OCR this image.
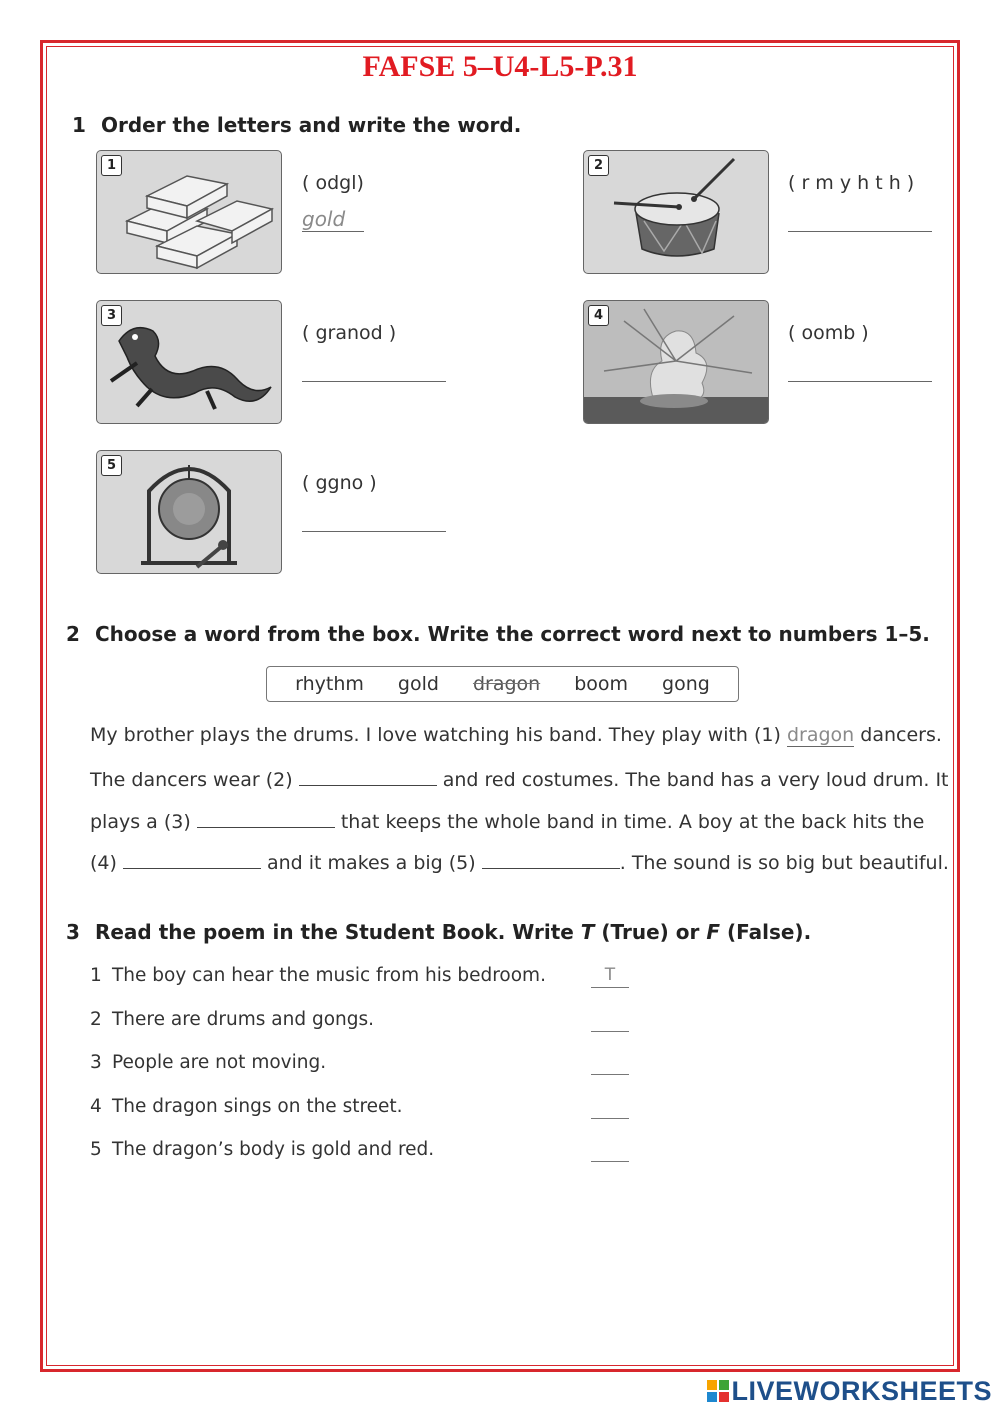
FAFSE 5–U4-L5-P.31
1 Order the letters and write the word.
1
( odgl)
gold
2
( r m y h t h )
3
( granod )
4
( oomb )
5
( ggno )
2 Choose a word from the box. Write the correct word next to numbers 1–5.
rhythm gold dragon boom gong
My brother plays the drums. I love watching his band. They play with (1) dragon dancers.
The dancers wear (2)	and red costumes. The band has a very loud drum. It
plays a (3)	that keeps the whole band in time. A boy at the back hits the
(4)	and it makes a big (5)	. The sound is so big but beautiful.
3 Read the poem in the Student Book. Write T (True) or F (False).
1 The boy can hear the music from his bedroom.	T
2 There are drums and gongs.
3 People are not moving.
4 The dragon sings on the street.
5 The dragon’s body is gold and red.
LIVEWORKSHEETS
